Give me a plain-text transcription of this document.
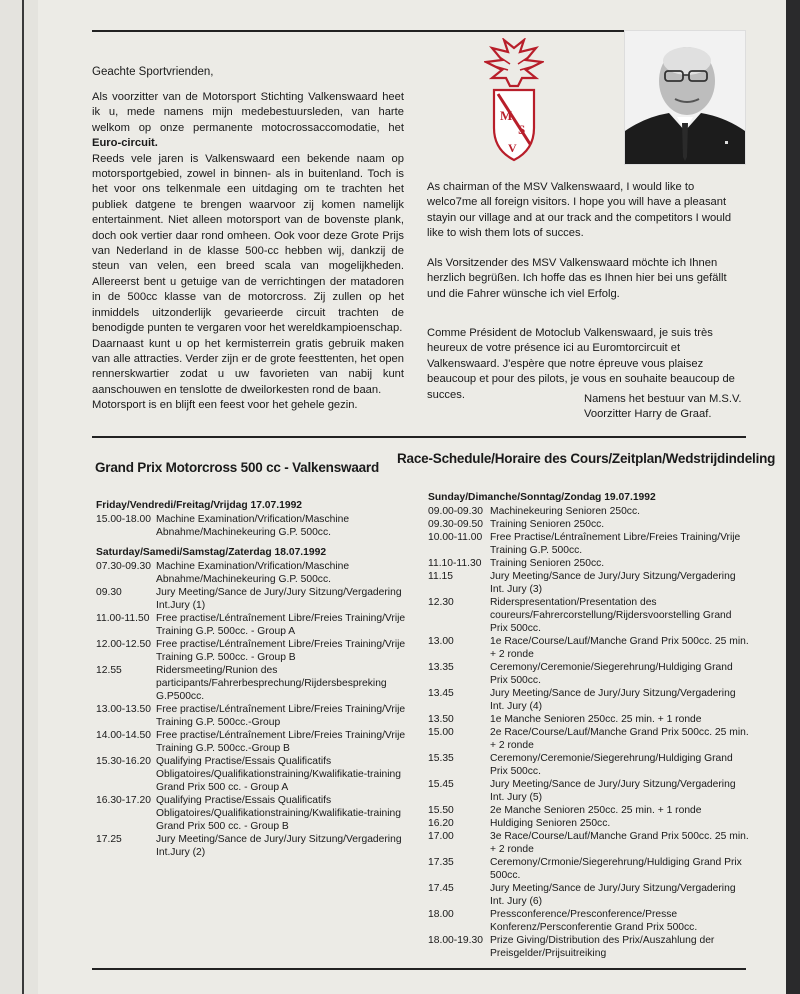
Geachte Sportvrienden,
Als voorzitter van de Motorsport Stichting Valkenswaard heet ik u, mede namens mijn medebestuursleden, van harte welkom op onze permanente motocrossaccomodatie, het Euro-circuit.
Reeds vele jaren is Valkenswaard een bekende naam op motorsportgebied, zowel in binnen- als in buitenland. Toch is het voor ons telkenmale een uitdaging om te trachten het publiek datgene te brengen waarvoor zij komen namelijk entertainment. Niet alleen motorsport van de bovenste plank, doch ook vertier daar rond omheen. Ook voor deze Grote Prijs van Nederland in de klasse 500-cc hebben wij, dankzij de steun van velen, een breed scala van mogelijkheden. Allereerst bent u getuige van de verrichtingen der matadoren in de 500cc klasse van de motorcross. Zij zullen op het inmiddels uitzonderlijk gevarieerde circuit trachten de benodigde punten te vergaren voor het wereldkampioenschap.
Daarnaast kunt u op het kermisterrein gratis gebruik maken van alle attracties. Verder zijn er de grote feesttenten, het open rennerskwartier zodat u uw favorieten van nabij kunt aanschouwen en tenslotte de dweilorkesten rond de baan.
Motorsport is en blijft een feest voor het gehele gezin.
M
S
V
As chairman of the MSV Valkenswaard, I would like to welco7me all foreign visitors. I hope you will have a pleasant stayin our village and at our track and the competitors I would like to wish them lots of succes.
Als Vorsitzender des MSV Valkenswaard möchte ich Ihnen herzlich begrüßen. Ich hoffe das es Ihnen hier bei uns gefällt und die Fahrer wünsche ich viel Erfolg.
Comme Président de Motoclub Valkenswaard, je suis très heureux de votre présence ici au Euromtorcircuit et Valkenswaard. J'espère que notre épreuve vous plaisez beaucoup et pour des pilots, je vous en souhaite beaucoup de succes.	Namens het bestuur van M.S.V.
Voorzitter Harry de Graaf.
Grand Prix Motorcross 500 cc - Valkenswaard
Race-Schedule/Horaire des Cours/Zeitplan/Wedstrijdindeling
Friday/Vendredi/Freitag/Vrijdag 17.07.1992
15.00-18.00 Machine Examination/Vrification/Maschine Abnahme/Machinekeuring G.P. 500cc.
Saturday/Samedi/Samstag/Zaterdag 18.07.1992
07.30-09.30 Machine Examination/Vrification/Maschine Abnahme/Machinekeuring G.P. 500cc.
09.30	Jury Meeting/Sance de Jury/Jury Sitzung/Vergadering Int.Jury (1)
11.00-11.50 Free practise/Léntraînement Libre/Freies Training/Vrije Training G.P. 500cc. - Group A
12.00-12.50 Free practise/Léntraînement Libre/Freies Training/Vrije Training G.P. 500cc. - Group B
12.55	Ridersmeeting/Runion des participants/Fahrerbesprechung/Rijdersbespreking G.P500cc.
13.00-13.50 Free practise/Léntraînement Libre/Freies Training/Vrije Training G.P. 500cc.-Group
14.00-14.50 Free practise/Léntraînement Libre/Freies Training/Vrije Training G.P. 500cc.-Group B
15.30-16.20 Qualifying Practise/Essais Qualificatifs Obligatoires/Qualifikationstraining/Kwalifikatie-training Grand Prix 500 cc. - Group A
16.30-17.20 Qualifying Practise/Essais Qualificatifs Obligatoires/Qualifikationstraining/Kwalifikatie-training Grand Prix 500 cc. - Group B
17.25	Jury Meeting/Sance de Jury/Jury Sitzung/Vergadering Int.Jury (2)
Sunday/Dimanche/Sonntag/Zondag 19.07.1992
09.00-09.30 Machinekeuring Senioren 250cc.
09.30-09.50 Training Senioren 250cc.
10.00-11.00 Free Practise/Léntraînement Libre/Freies Training/Vrije Training G.P. 500cc.
11.10-11.30 Training Senioren 250cc.
11.15	Jury Meeting/Sance de Jury/Jury Sitzung/Vergadering Int. Jury (3)
12.30	Riderspresentation/Presentation des coureurs/Fahrercorstellung/Rijdersvoorstelling Grand Prix 500cc.
13.00	1e Race/Course/Lauf/Manche Grand Prix 500cc. 25 min. + 2 ronde
13.35	Ceremony/Ceremonie/Siegerehrung/Huldiging Grand Prix 500cc.
13.45	Jury Meeting/Sance de Jury/Jury Sitzung/Vergadering Int. Jury (4)
13.50	1e Manche Senioren 250cc. 25 min. + 1 ronde
15.00	2e Race/Course/Lauf/Manche Grand Prix 500cc. 25 min. + 2 ronde
15.35	Ceremony/Ceremonie/Siegerehrung/Huldiging Grand Prix 500cc.
15.45	Jury Meeting/Sance de Jury/Jury Sitzung/Vergadering Int. Jury (5)
15.50	2e Manche Senioren 250cc. 25 min. + 1 ronde
16.20	Huldiging Senioren 250cc.
17.00	3e Race/Course/Lauf/Manche Grand Prix 500cc. 25 min. + 2 ronde
17.35	Ceremony/Crmonie/Siegerehrung/Huldiging Grand Prix 500cc.
17.45	Jury Meeting/Sance de Jury/Jury Sitzung/Vergadering Int. Jury (6)
18.00	Pressconference/Presconference/Presse Konferenz/Persconferentie Grand Prix 500cc.
18.00-19.30 Prize Giving/Distribution des Prix/Auszahlung der Preisgelder/Prijsuitreiking
